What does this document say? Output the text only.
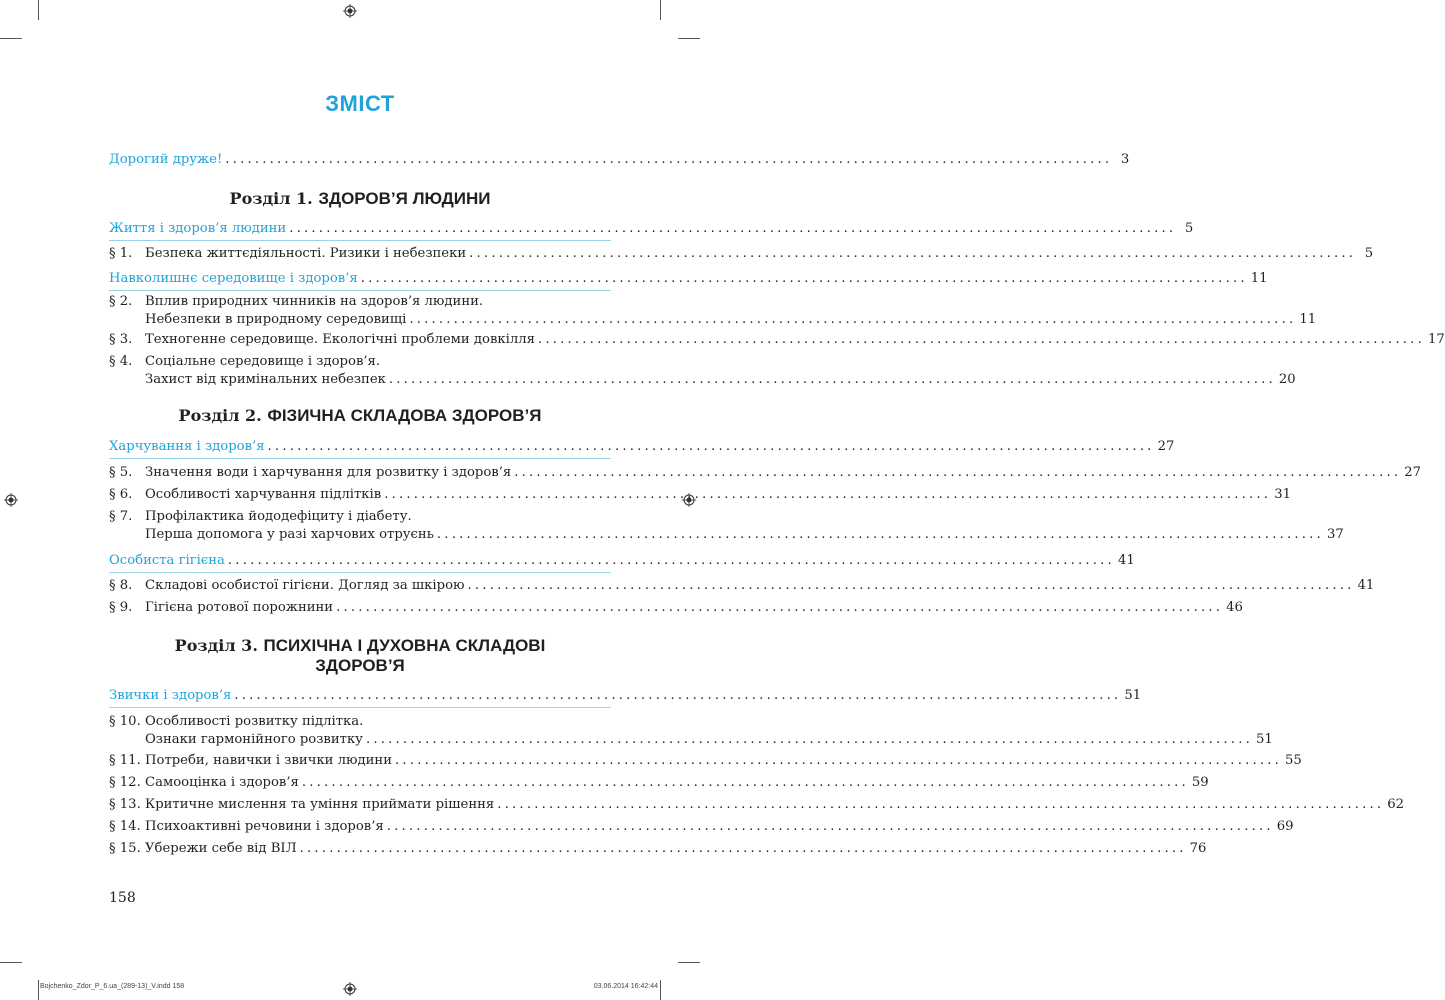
ЗМІСТ
Дорогий друже! ........................................................................................................................ 3
Розділ 1. ЗДОРОВ’Я ЛЮДИНИ
Життя і здоров’я людини ........................................................................................................................ 5
§ 1. Безпека життєдіяльності. Ризики і небезпеки ........................................................................................................................ 5
Навколишнє середовище і здоров’я ........................................................................................................................ 11
§ 2. Вплив природних чинників на здоров’я людини.
Небезпеки в природному середовищі ........................................................................................................................ 11
§ 3. Техногенне середовище. Екологічні проблеми довкілля ........................................................................................................................ 17
§ 4. Соціальне середовище і здоров’я.
Захист від кримінальних небезпек ........................................................................................................................ 20
Розділ 2. ФІЗИЧНА СКЛАДОВА ЗДОРОВ’Я
Харчування і здоров’я ........................................................................................................................ 27
§ 5. Значення води і харчування для розвитку і здоров’я ........................................................................................................................ 27
§ 6. Особливості харчування підлітків ........................................................................................................................ 31
§ 7. Профілактика йододефіциту і діабету.
Перша допомога у разі харчових отруєнь ........................................................................................................................ 37
Особиста гігієна ........................................................................................................................ 41
§ 8. Складові особистої гігієни. Догляд за шкірою ........................................................................................................................ 41
§ 9. Гігієна ротової порожнини ........................................................................................................................ 46
Розділ 3. ПСИХІЧНА І ДУХОВНА СКЛАДОВІ
ЗДОРОВ’Я
Звички і здоров’я ........................................................................................................................ 51
§ 10. Особливості розвитку підлітка.
Ознаки гармонійного розвитку ........................................................................................................................ 51
§ 11. Потреби, навички і звички людини ........................................................................................................................ 55
§ 12. Самооцінка і здоров’я ........................................................................................................................ 59
§ 13. Критичне мислення та уміння приймати рішення ........................................................................................................................ 62
§ 14. Психоактивні речовини і здоров’я ........................................................................................................................ 69
§ 15. Убережи себе від ВІЛ ........................................................................................................................ 76
158
Bojchenko_Zdor_P_6.ua_(289-13)_V.indd 158	03.06.2014 16:42:44
